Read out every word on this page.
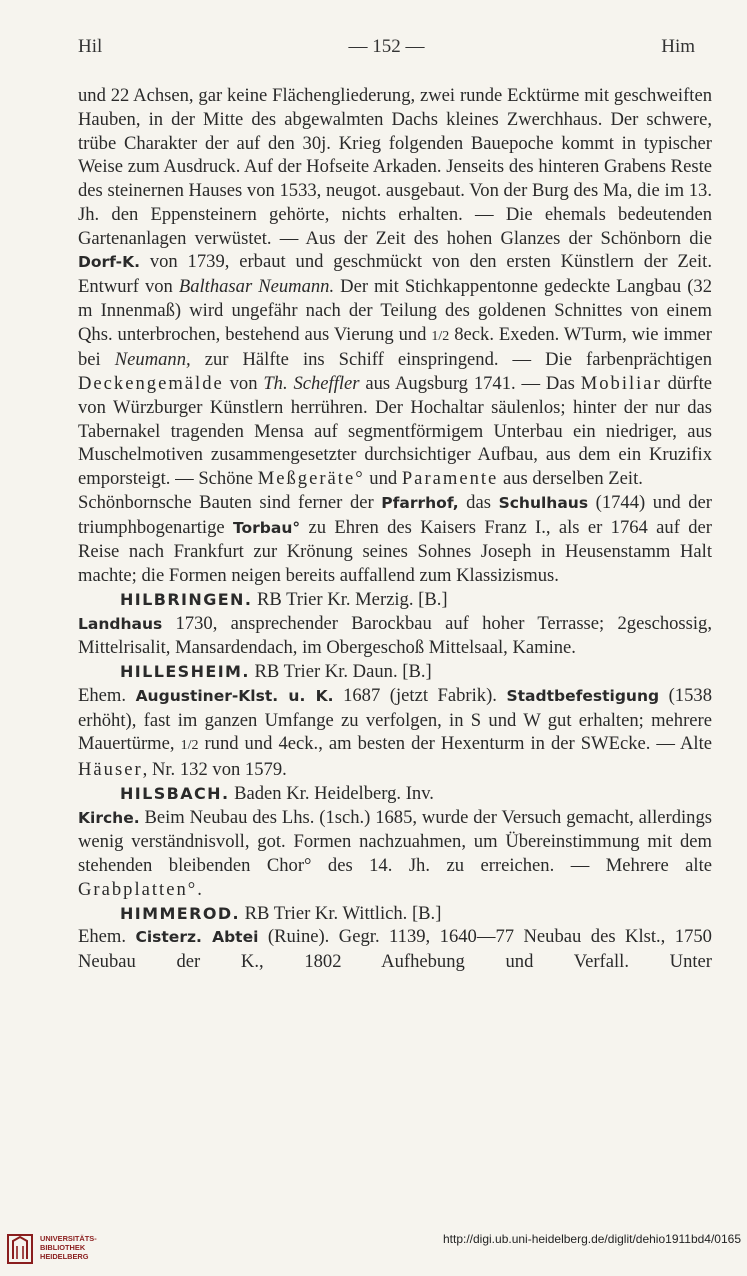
Hil	— 152 —	Him

und 22 Achsen, gar keine Flächengliederung, zwei runde Ecktürme mit geschweiften Hauben, in der Mitte des abgewalmten Dachs kleines Zwerchhaus. Der schwere, trübe Charakter der auf den 30j. Krieg folgenden Bauepoche kommt in typischer Weise zum Ausdruck. Auf der Hofseite Arkaden. Jenseits des hinteren Grabens Reste des steinernen Hauses von 1533, neugot. ausgebaut. Von der Burg des Ma, die im 13. Jh. den Eppensteinern gehörte, nichts erhalten. — Die ehemals bedeutenden Gartenanlagen verwüstet. — Aus der Zeit des hohen Glanzes der Schönborn die Dorf-K. von 1739, erbaut und geschmückt von den ersten Künstlern der Zeit. Entwurf von Balthasar Neumann. Der mit Stichkappentonne gedeckte Langbau (32 m Innenmaß) wird ungefähr nach der Teilung des goldenen Schnittes von einem Qhs. unterbrochen, bestehend aus Vierung und 1/2 8eck. Exeden. WTurm, wie immer bei Neumann, zur Hälfte ins Schiff einspringend. — Die farbenprächtigen Deckengemälde von Th. Scheffler aus Augsburg 1741. — Das Mobiliar dürfte von Würzburger Künstlern herrühren. Der Hochaltar säulenlos; hinter der nur das Tabernakel tragenden Mensa auf segmentförmigem Unterbau ein niedriger, aus Muschelmotiven zusammengesetzter durchsichtiger Aufbau, aus dem ein Kruzifix emporsteigt. — Schöne Meßgeräte° und Paramente aus derselben Zeit.

Schönbornsche Bauten sind ferner der Pfarrhof, das Schulhaus (1744) und der triumphbogenartige Torbau° zu Ehren des Kaisers Franz I., als er 1764 auf der Reise nach Frankfurt zur Krönung seines Sohnes Joseph in Heusenstamm Halt machte; die Formen neigen bereits auffallend zum Klassizismus.

HILBRINGEN. RB Trier Kr. Merzig. [B.]

Landhaus 1730, ansprechender Barockbau auf hoher Terrasse; 2geschossig, Mittelrisalit, Mansardendach, im Obergeschoß Mittelsaal, Kamine.

HILLESHEIM. RB Trier Kr. Daun. [B.]

Ehem. Augustiner-Klst. u. K. 1687 (jetzt Fabrik). Stadtbefestigung (1538 erhöht), fast im ganzen Umfange zu verfolgen, in S und W gut erhalten; mehrere Mauertürme, 1/2 rund und 4eck., am besten der Hexenturm in der SWEcke. — Alte Häuser, Nr. 132 von 1579.

HILSBACH. Baden Kr. Heidelberg. Inv.

Kirche. Beim Neubau des Lhs. (1sch.) 1685, wurde der Versuch gemacht, allerdings wenig verständnisvoll, got. Formen nachzuahmen, um Übereinstimmung mit dem stehenden bleibenden Chor° des 14. Jh. zu erreichen. — Mehrere alte Grabplatten°.

HIMMEROD. RB Trier Kr. Wittlich. [B.]

Ehem. Cisterz. Abtei (Ruine). Gegr. 1139, 1640—77 Neubau des Klst., 1750 Neubau der K., 1802 Aufhebung und Verfall. Unter

UNIVERSITÄTS-
BIBLIOTHEK
HEIDELBERG
http://digi.ub.uni-heidelberg.de/diglit/dehio1911bd4/0165
